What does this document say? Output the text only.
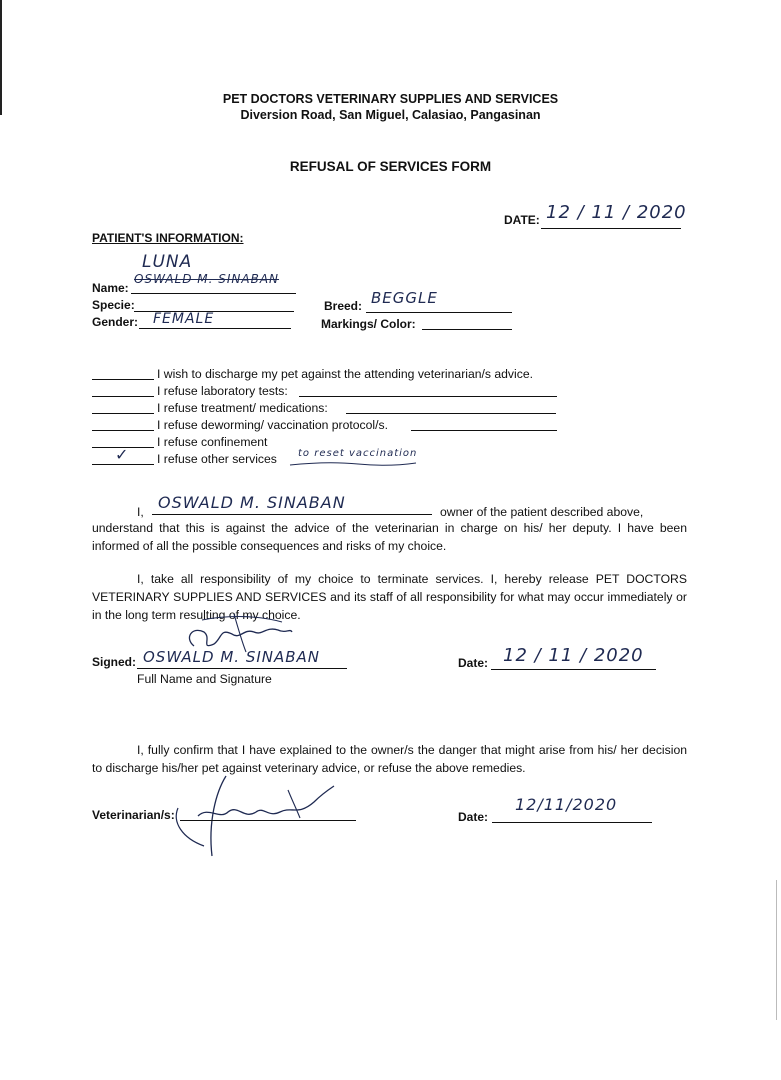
PET DOCTORS VETERINARY SUPPLIES AND SERVICES
Diversion Road, San Miguel, Calasiao, Pangasinan
REFUSAL OF SERVICES FORM
DATE: 12 / 11 / 2020
PATIENT'S INFORMATION:
LUNA
Name:
OSWALD M. SINABAN
Specie:
Gender: FEMALE
Breed: BEGGLE
Markings/ Color:
I wish to discharge my pet against the attending veterinarian/s advice.
I refuse laboratory tests:
I refuse treatment/ medications:
I refuse deworming/ vaccination protocol/s.
I refuse confinement
✓ I refuse other services to reset vaccination
I, OSWALD M. SINABAN	owner of the patient described above,
understand that this is against the advice of the veterinarian in charge on his/ her deputy. I have been informed of all the possible consequences and risks of my choice.
I, take all responsibility of my choice to terminate services. I, hereby release PET DOCTORS VETERINARY SUPPLIES AND SERVICES and its staff of all responsibility for what may occur immediately or in the long term resulting of my choice.
Signed: OSWALD M. SINABAN
Full Name and Signature
Date: 12 / 11 / 2020
I, fully confirm that I have explained to the owner/s the danger that might arise from his/ her decision to discharge his/her pet against veterinary advice, or refuse the above remedies.
Veterinarian/s:	Date:
12/11/2020
